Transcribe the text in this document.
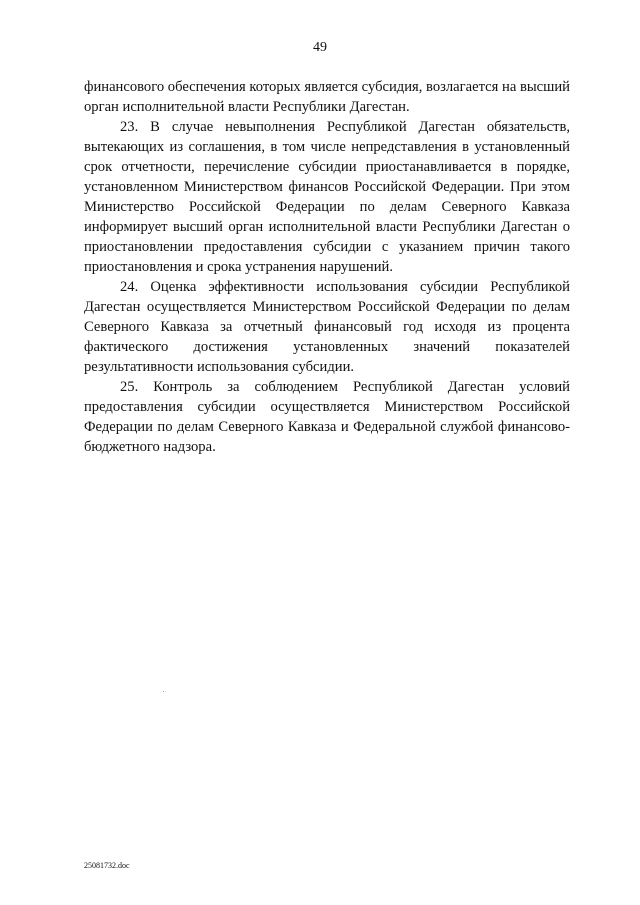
49

финансового обеспечения которых является субсидия, возлагается на высший орган исполнительной власти Республики Дагестан.

23. В случае невыполнения Республикой Дагестан обязательств, вытекающих из соглашения, в том числе непредставления в установленный срок отчетности, перечисление субсидии приостанавливается в порядке, установленном Министерством финансов Российской Федерации. При этом Министерство Российской Федерации по делам Северного Кавказа информирует высший орган исполнительной власти Республики Дагестан о приостановлении предоставления субсидии с указанием причин такого приостановления и срока устранения нарушений.

24. Оценка эффективности использования субсидии Республикой Дагестан осуществляется Министерством Российской Федерации по делам Северного Кавказа за отчетный финансовый год исходя из процента фактического достижения установленных значений показателей результативности использования субсидии.

25. Контроль за соблюдением Республикой Дагестан условий предоставления субсидии осуществляется Министерством Российской Федерации по делам Северного Кавказа и Федеральной службой финансово-бюджетного надзора.

25081732.doc
